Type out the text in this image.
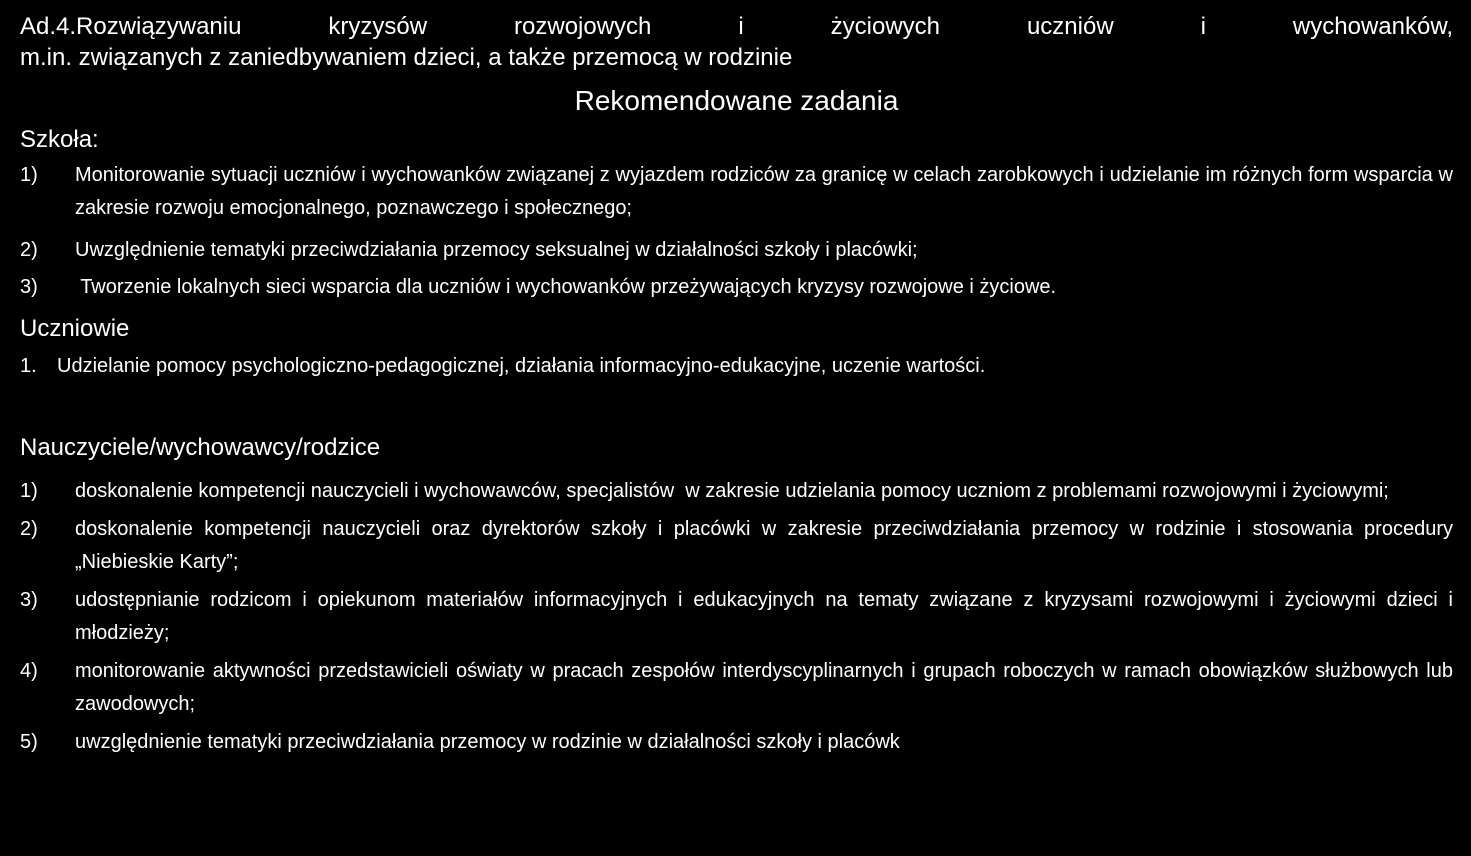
Ad.4.Rozwiązywaniu kryzysów rozwojowych i życiowych uczniów i wychowanków,

m.in. związanych z zaniedbywaniem dzieci, a także przemocą w rodzinie

Rekomendowane zadania

Szkoła:

1)	Monitorowanie sytuacji uczniów i wychowanków związanej z wyjazdem rodziców za granicę w celach zarobkowych i udzielanie im różnych form wsparcia w zakresie rozwoju emocjonalnego, poznawczego i społecznego;
2)	Uwzględnienie tematyki przeciwdziałania przemocy seksualnej w działalności szkoły i placówki;
3)	Tworzenie lokalnych sieci wsparcia dla uczniów i wychowanków przeżywających kryzysy rozwojowe i życiowe.

Uczniowie

1.	Udzielanie pomocy psychologiczno-pedagogicznej, działania informacyjno-edukacyjne, uczenie wartości.

Nauczyciele/wychowawcy/rodzice

1)	doskonalenie kompetencji nauczycieli i wychowawców, specjalistów  w zakresie udzielania pomocy uczniom z problemami rozwojowymi i życiowymi;
2)	doskonalenie kompetencji nauczycieli oraz dyrektorów szkoły i placówki w zakresie przeciwdziałania przemocy w rodzinie i stosowania procedury „Niebieskie Karty”;
3)	udostępnianie rodzicom i opiekunom materiałów informacyjnych i edukacyjnych na tematy związane z kryzysami rozwojowymi i życiowymi dzieci i młodzieży;
4)	monitorowanie aktywności przedstawicieli oświaty w pracach zespołów interdyscyplinarnych i grupach roboczych w ramach obowiązków służbowych lub zawodowych;
5)	uwzględnienie tematyki przeciwdziałania przemocy w rodzinie w działalności szkoły i placówk
